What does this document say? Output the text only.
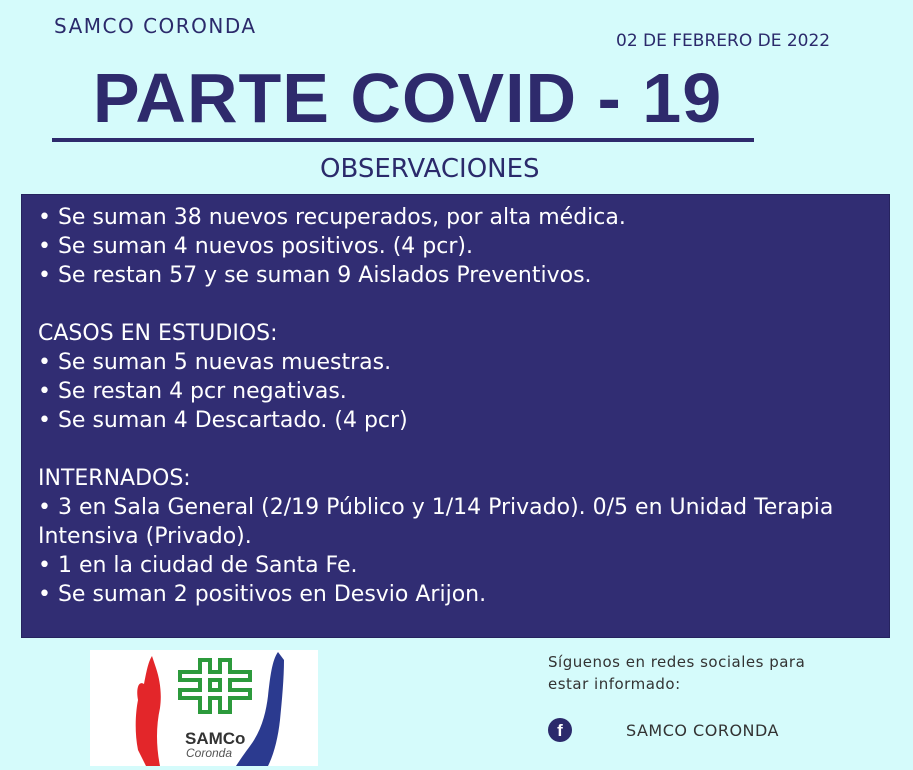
SAMCO CORONDA
02 DE FEBRERO DE 2022
PARTE COVID - 19
OBSERVACIONES
• Se suman 38 nuevos recuperados, por alta médica.
• Se suman 4 nuevos positivos. (4 pcr).
• Se restan 57 y se suman 9 Aislados Preventivos.
CASOS EN ESTUDIOS:
• Se suman 5 nuevas muestras.
• Se restan 4 pcr negativas.
• Se suman 4 Descartado. (4 pcr)
INTERNADOS:
• 3 en Sala General (2/19 Público y 1/14 Privado). 0/5 en Unidad Terapia Intensiva (Privado).
• 1 en la ciudad de Santa Fe.
• Se suman 2 positivos en Desvio Arijon.
SAMCo
Coronda
Síguenos en redes sociales para
estar informado:
f	SAMCO CORONDA
